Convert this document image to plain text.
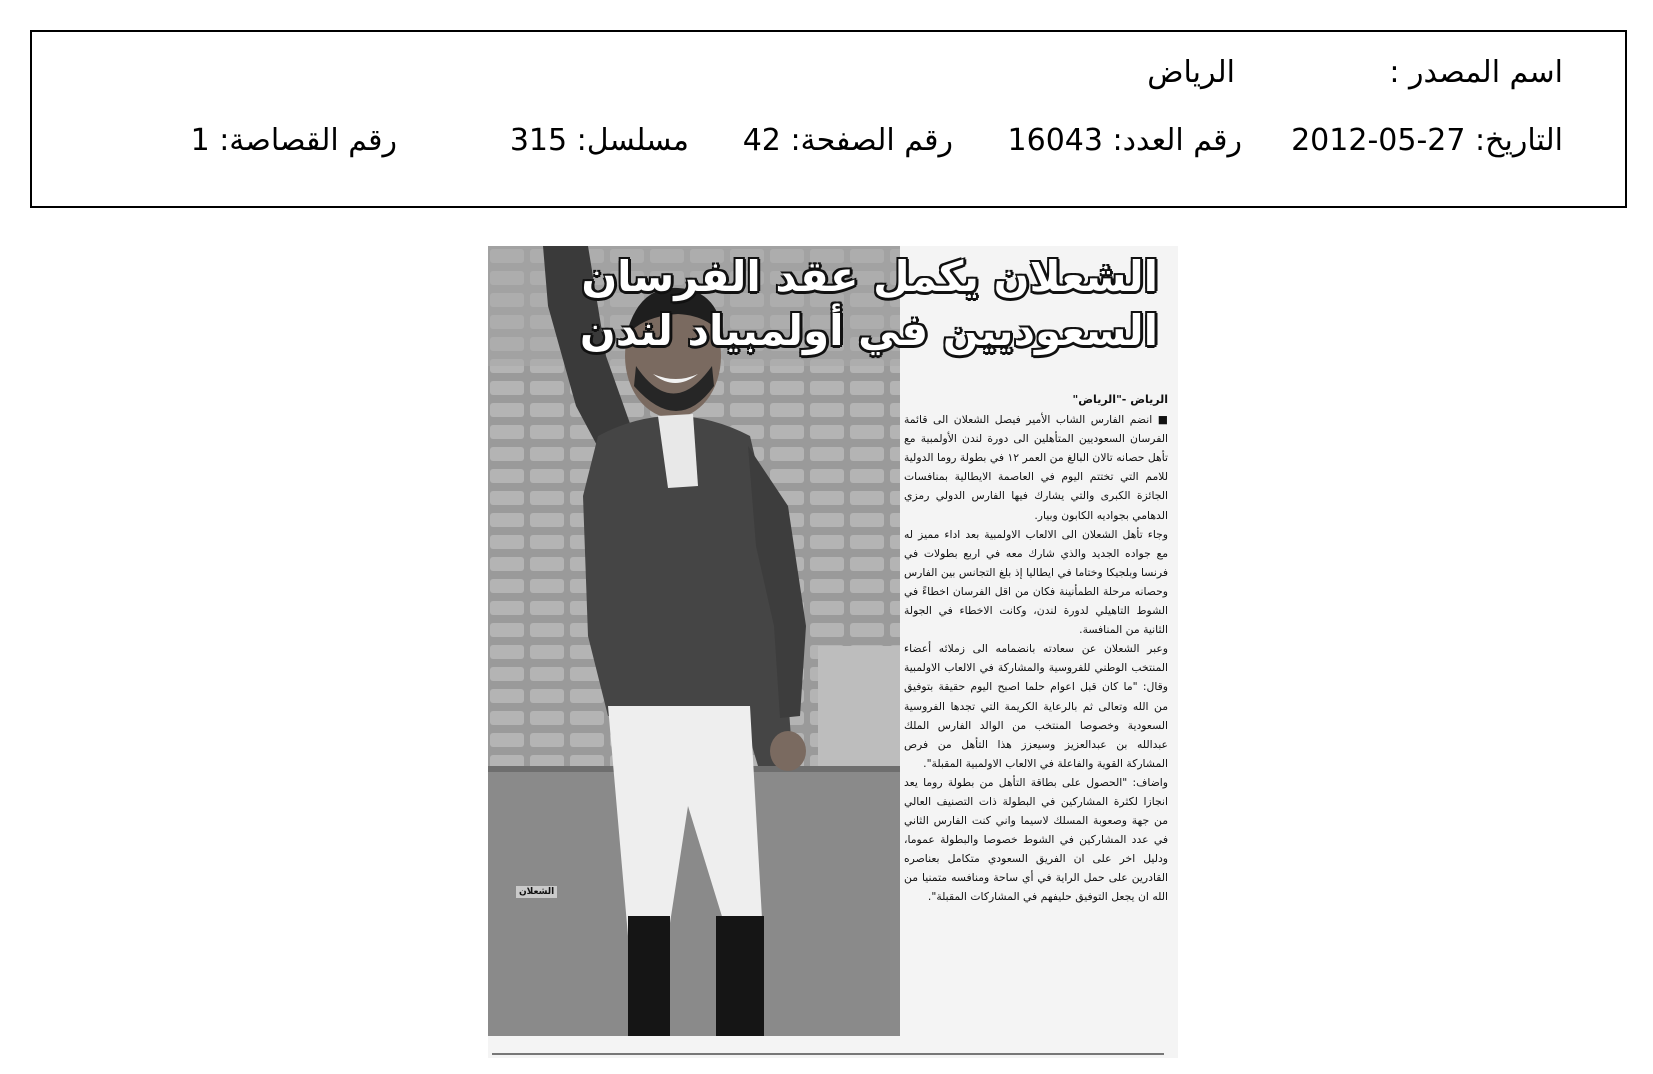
اسم المصدر :
الرياض
التاريخ: 27-05-2012
رقم العدد: 16043
رقم الصفحة: 42
مسلسل: 315
رقم القصاصة: 1
الشعلان
الشعلان يكمل عقد الفرسان
السعوديين في أولمبياد لندن
الرياض -"الرياض"

■ انضم الفارس الشاب الأمير فيصل الشعلان الى قائمة الفرسان السعوديين المتأهلين الى دورة لندن الأولمبية مع تأهل حصانه تالان البالغ من العمر ١٢ في بطولة روما الدولية للامم التي تختتم اليوم في العاصمة الايطالية بمنافسات الجائزة الكبرى والتي يشارك فيها الفارس الدولي رمزي الدهامي بجواديه الكابون وبيار.

وجاء تأهل الشعلان الى الالعاب الاولمبية بعد اداء مميز له مع جواده الجديد والذي شارك معه في اربع بطولات في فرنسا وبلجيكا وختاما في ايطاليا إذ بلغ التجانس بين الفارس وحصانه مرحلة الطمأنينة فكان من اقل الفرسان اخطاءً في الشوط التاهيلي لدورة لندن، وكانت الاخطاء في الجولة الثانية من المنافسة.

وعبر الشعلان عن سعادته بانضمامه الى زملائه أعضاء المنتخب الوطني للفروسية والمشاركة في الالعاب الاولمبية وقال: "ما كان قبل اعوام حلما اصبح اليوم حقيقة بتوفيق من الله وتعالى ثم بالرعاية الكريمة التي تجدها الفروسية السعودية وخصوصا المنتخب من الوالد الفارس الملك عبدالله بن عبدالعزيز وسيعزز هذا التأهل من فرص المشاركة القوية والفاعلة في الالعاب الاولمبية المقبلة".

واضاف: "الحصول على بطاقة التأهل من بطولة روما يعد انجازا لكثرة المشاركين في البطولة ذات التصنيف العالي من جهة وصعوبة المسلك لاسيما واني كنت الفارس الثاني في عدد المشاركين في الشوط خصوصا والبطولة عموما، ودليل اخر على ان الفريق السعودي متكامل بعناصره القادرين على حمل الراية في أي ساحة ومنافسه متمنيا من الله ان يجعل التوفيق حليفهم في المشاركات المقبلة".
